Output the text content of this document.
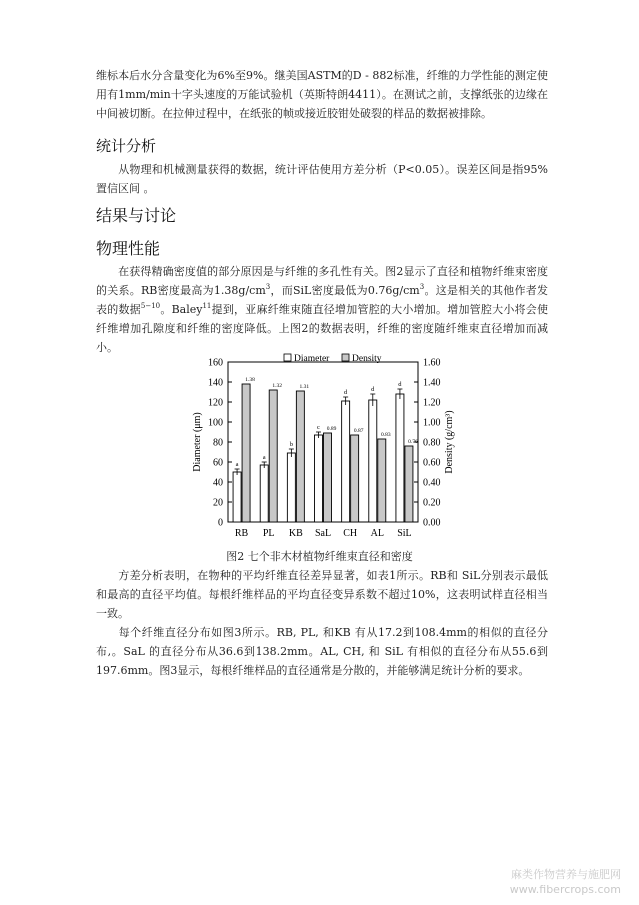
维标本后水分含量变化为6%至9%。继美国ASTM的D - 882标准，纤维的力学性能的测定使用有1mm/min十字头速度的万能试验机（英斯特朗4411）。在测试之前，支撑纸张的边缘在中间被切断。在拉伸过程中，在纸张的帧或接近胶钳处破裂的样品的数据被排除。

统计分析

从物理和机械测量获得的数据，统计评估使用方差分析（P<0.05）。误差区间是指95%置信区间 。

结果与讨论
物理性能

在获得精确密度值的部分原因是与纤维的多孔性有关。图2显示了直径和植物纤维束密度的关系。RB密度最高为$1.38g/cm^3$，而SiL密度最低为$0.76g/cm^3$。这是相关的其他作者发表的数据$^{5-10}$。Baley$^{11}$提到，亚麻纤维束随直径增加管腔的大小增加。增加管腔大小将会使纤维增加孔隙度和纤维的密度降低。上图2的数据表明，纤维的密度随纤维束直径增加而减小。

0
20
40
60
80
100
120
140
160
0.00
0.20
0.40
0.60
0.80
1.00
1.20
1.40
1.60
Diameter (μm)	Density (g/cm³)
a
1.38
RB
a
1.32
PL
b
1.31
KB
c 0.89
SaL
d
0.87
CH
d
0.83
AL
d
0.76
SiL
Diameter Density
图2 七个非木材植物纤维束直径和密度

方差分析表明，在物种的平均纤维直径差异显著，如表1所示。RB和 SiL分别表示最低和最高的直径平均值。每根纤维样品的平均直径变异系数不超过10%，这表明试样直径相当一致。

每个纤维直径分布如图3所示。RB, PL, 和KB 有从17.2到108.4mm的相似的直径分布,。SaL 的直径分布从36.6到138.2mm。AL, CH, 和 SiL 有相似的直径分布从55.6到197.6mm。图3显示，每根纤维样品的直径通常是分散的，并能够满足统计分析的要求。

麻类作物营养与施肥网
www.fibercrops.com
